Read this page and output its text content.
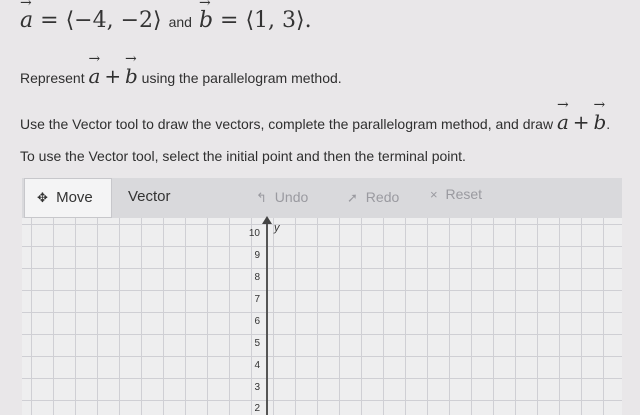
→ a = ⟨−4, −2⟩ and → b = ⟨1, 3⟩.
Represent → a + → b using the parallelogram method.
Use the Vector tool to draw the vectors, complete the parallelogram method, and draw → a + → b.
To use the Vector tool, select the initial point and then the terminal point.
✥ Move	Vector	↰ Undo	➚ Redo × Reset
y
10
9
8
7
6
5
4
3
2
